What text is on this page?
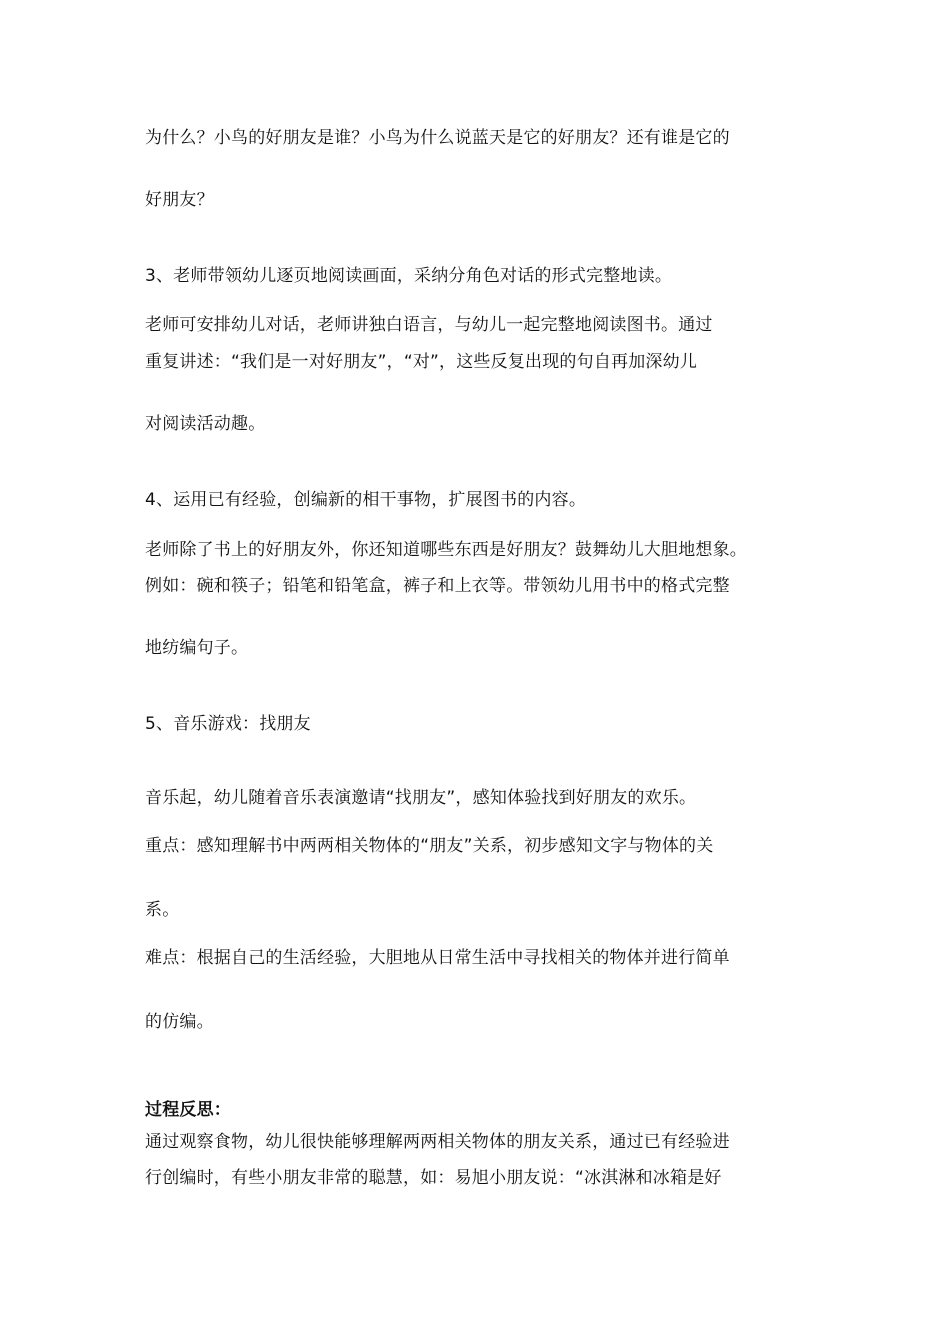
为什么？小鸟的好朋友是谁？小鸟为什么说蓝天是它的好朋友？还有谁是它的
好朋友？
3、老师带领幼儿逐页地阅读画面，采纳分角色对话的形式完整地读。
老师可安排幼儿对话，老师讲独白语言，与幼儿一起完整地阅读图书。通过
重复讲述：“我们是一对好朋友”，“对”，这些反复出现的句自再加深幼儿
对阅读活动趣。
4、运用已有经验，创编新的相干事物，扩展图书的内容。
老师除了书上的好朋友外，你还知道哪些东西是好朋友？鼓舞幼儿大胆地想象。
例如：碗和筷子；铅笔和铅笔盒，裤子和上衣等。带领幼儿用书中的格式完整
地纺编句子。
5、音乐游戏：找朋友
音乐起，幼儿随着音乐表演邀请“找朋友”，感知体验找到好朋友的欢乐。
重点：感知理解书中两两相关物体的“朋友”关系，初步感知文字与物体的关
系。
难点：根据自己的生活经验，大胆地从日常生活中寻找相关的物体并进行简单
的仿编。
过程反思：
通过观察食物，幼儿很快能够理解两两相关物体的朋友关系，通过已有经验进
行创编时，有些小朋友非常的聪慧，如：易旭小朋友说：“冰淇淋和冰箱是好
